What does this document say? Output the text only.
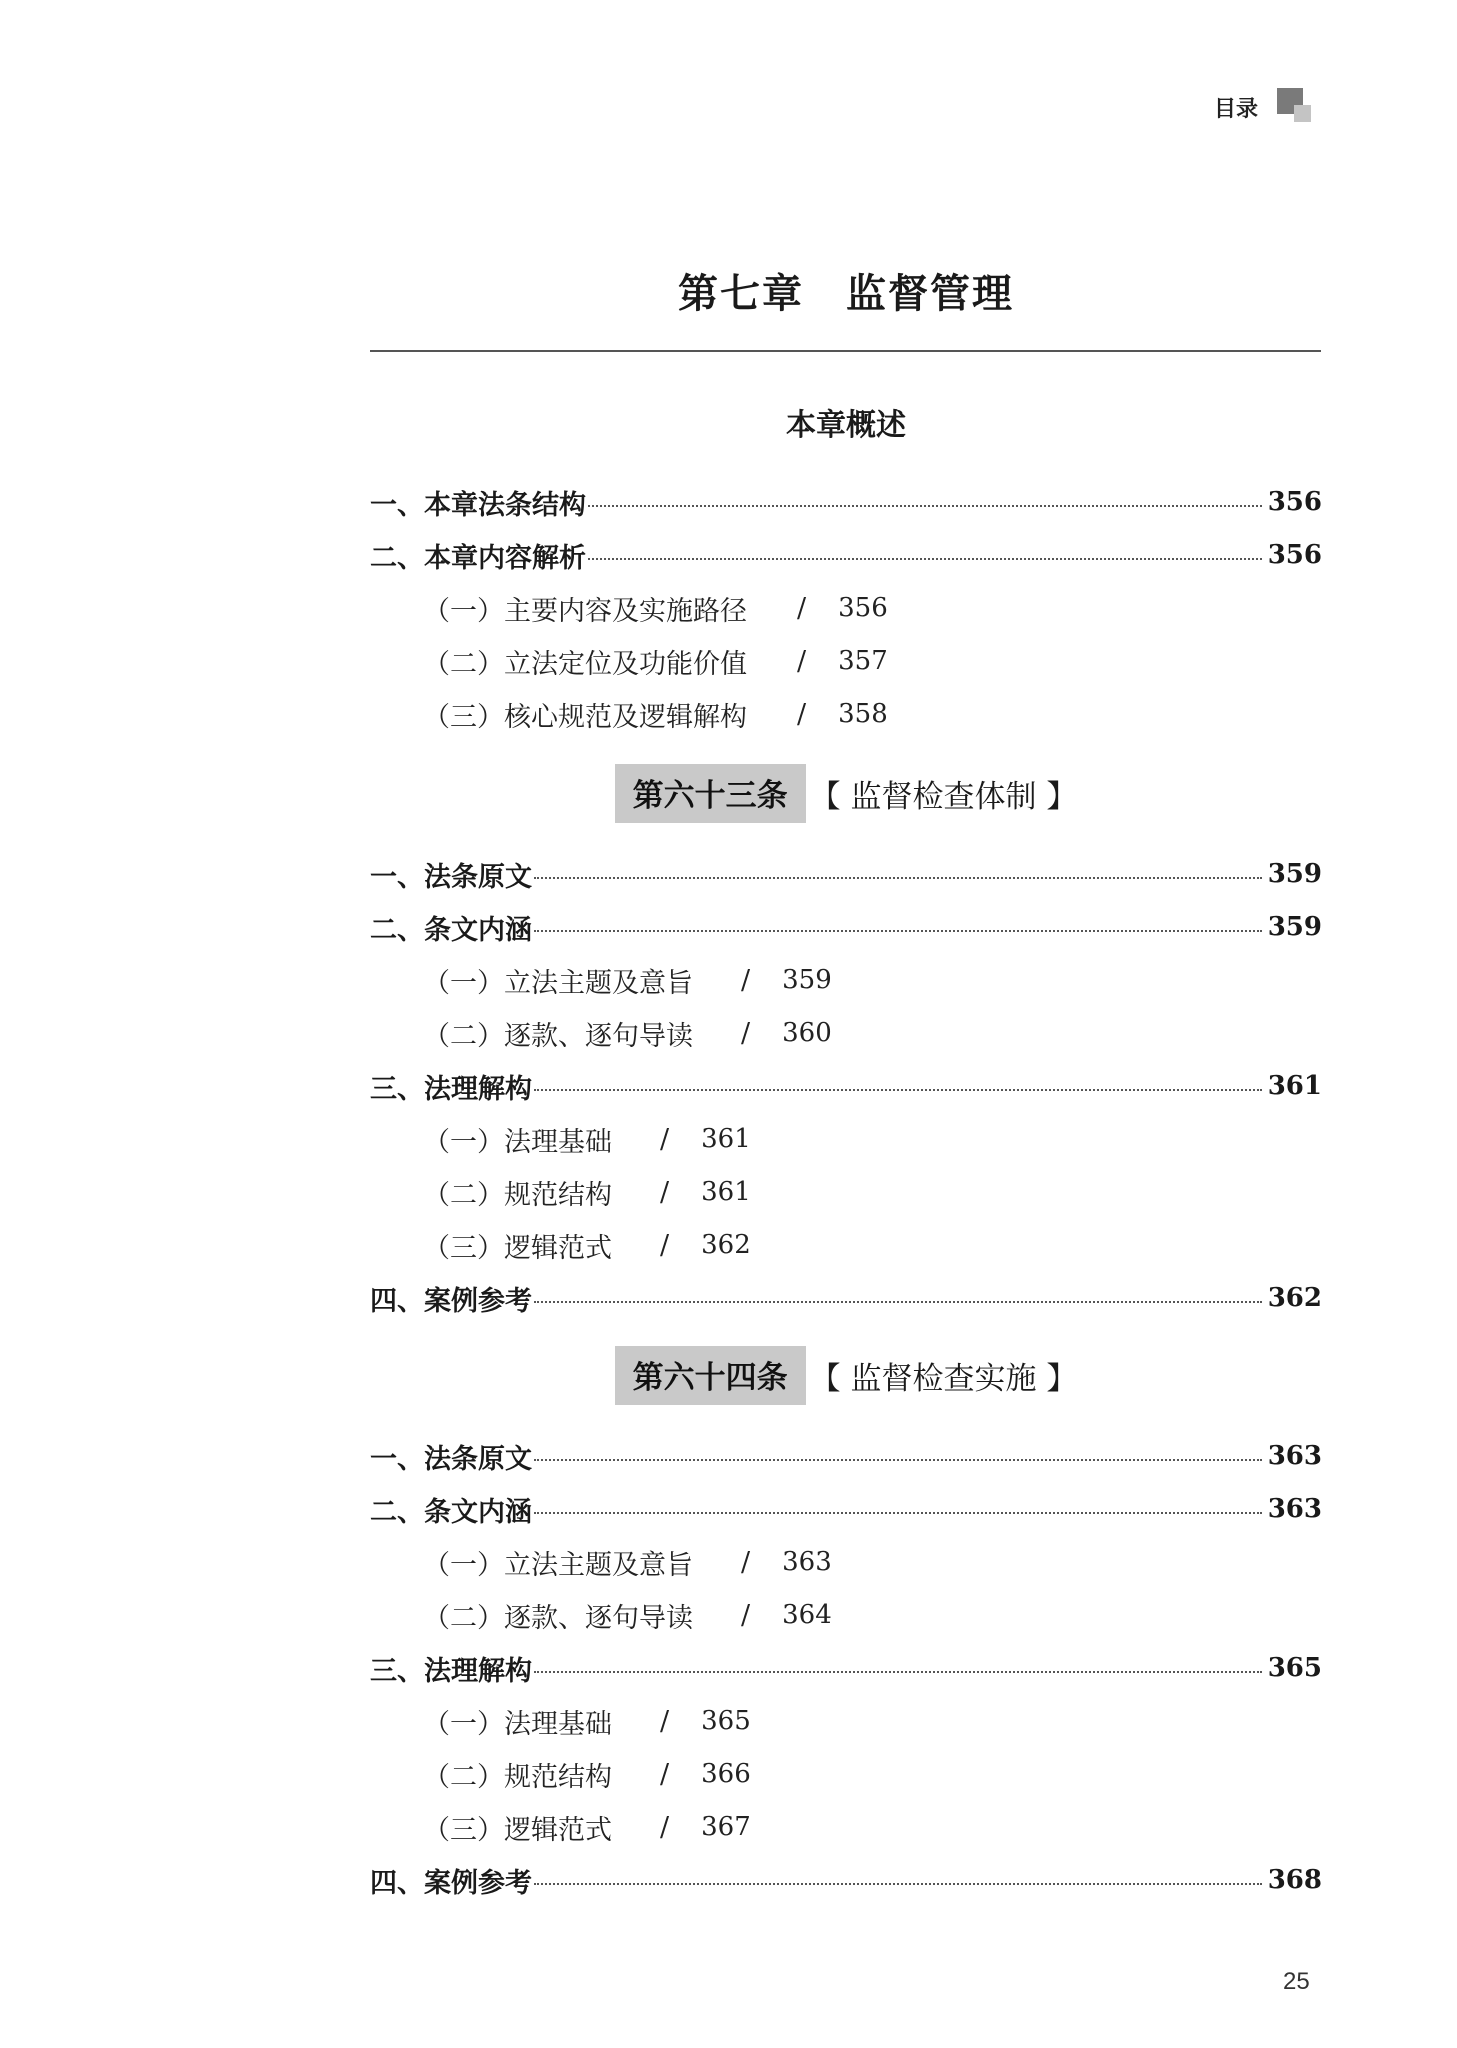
目录
第七章　监督管理
本章概述
一、本章法条结构	356
二、本章内容解析	356
（一）主要内容及实施路径 / 356
（二）立法定位及功能价值 / 357
（三）核心规范及逻辑解构 / 358
第六十三条 【 监督检查体制 】
一、法条原文	359
二、条文内涵	359
（一）立法主题及意旨 / 359
（二）逐款、逐句导读 / 360
三、法理解构	361
（一）法理基础 / 361
（二）规范结构 / 361
（三）逻辑范式 / 362
四、案例参考	362
第六十四条 【 监督检查实施 】
一、法条原文	363
二、条文内涵	363
（一）立法主题及意旨 / 363
（二）逐款、逐句导读 / 364
三、法理解构	365
（一）法理基础 / 365
（二）规范结构 / 366
（三）逻辑范式 / 367
四、案例参考	368
25
